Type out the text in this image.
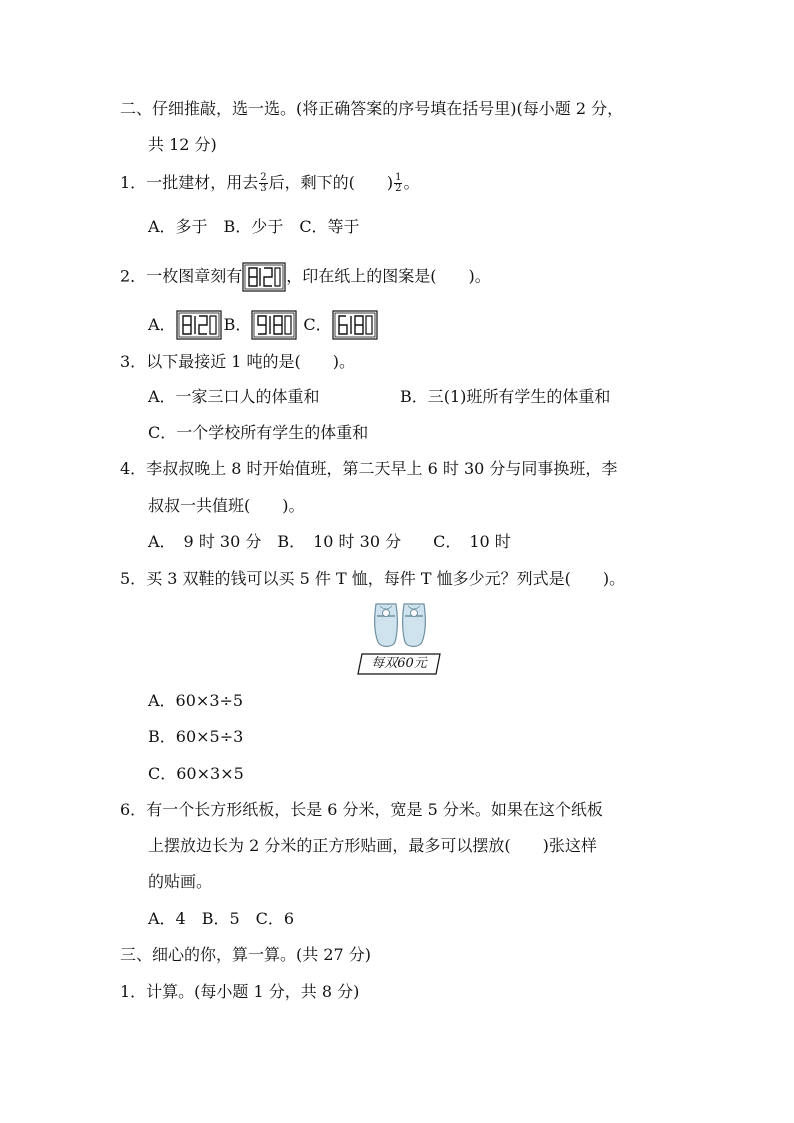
二、仔细推敲，选一选。(将正确答案的序号填在括号里)(每小题 2 分，
共 12 分)
1．一批建材，用去 $\frac{2}{3}$ 后，剩下的(　　) $\frac{1}{2}$ 。
A．多于　B．少于　C．等于
2．一枚图章刻有	，印在纸上的图案是(　　)。
A．	B．	C．
3．以下最接近 1 吨的是(　　)。
A．一家三口人的体重和	B．三(1)班所有学生的体重和
C．一个学校所有学生的体重和
4．李叔叔晚上 8 时开始值班，第二天早上 6 时 30 分与同事换班，李
叔叔一共值班(　　)。
A．　9 时 30 分　B．　10 时 30 分　　C．　10 时
5．买 3 双鞋的钱可以买 5 件 T 恤，每件 T 恤多少元？列式是(　　)。
每双60元
A．60×3÷5
B．60×5÷3
C．60×3×5
6．有一个长方形纸板，长是 6 分米，宽是 5 分米。如果在这个纸板
上摆放边长为 2 分米的正方形贴画，最多可以摆放(　　)张这样
的贴画。
A．4　B．5　C．6
三、细心的你，算一算。(共 27 分)
1．计算。(每小题 1 分，共 8 分)
